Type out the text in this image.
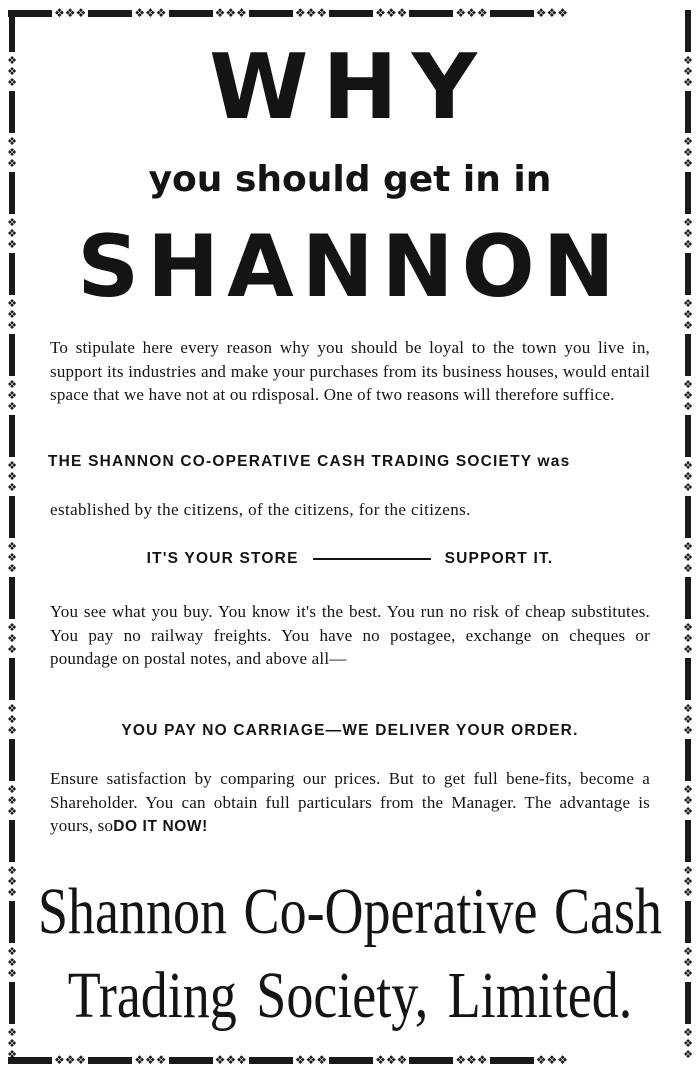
❖❖❖	❖❖❖	❖❖❖	❖❖❖	❖❖❖	❖❖❖	❖❖❖
❖❖❖	❖❖❖	❖❖❖	❖❖❖	❖❖❖	❖❖❖	❖❖❖
❖
❖
❖
❖
❖
❖
❖
❖
❖
❖
❖
❖
❖
❖
❖
❖
❖
❖
❖
❖
❖
❖
❖
❖
❖
❖
❖
❖
❖
❖
❖
❖
❖
❖
❖
❖
❖
❖
❖
❖
❖
❖
❖
❖
❖
❖
❖
❖
❖
❖
❖
❖
❖
❖
❖
❖
❖
❖
❖
❖
❖
❖
❖
❖
❖
❖
❖
❖
❖
❖
❖
❖
❖
❖
❖
❖
❖
❖
WHY
you should get in in
SHANNON

To stipulate here every reason why you should be loyal to the town you live in, support its industries and make your purchases from its business houses, would entail space that we have not at ou rdisposal. One of two reasons will therefore suffice.

THE SHANNON CO-OPERATIVE CASH TRADING SOCIETY was
established by the citizens, of the citizens, for the citizens.
IT'S YOUR STORE	SUPPORT IT.

You see what you buy. You know it's the best. You run no risk of cheap substitutes. You pay no railway freights. You have no postagee, exchange on cheques or poundage on postal notes, and above all—

YOU PAY NO CARRIAGE—WE DELIVER YOUR ORDER.

Ensure satisfaction by comparing our prices. But to get full bene-fits, become a Shareholder. You can obtain full particulars from the Manager. The advantage is yours, soDO IT NOW!

Shannon Co-Operative Cash
Trading Society, Limited.
